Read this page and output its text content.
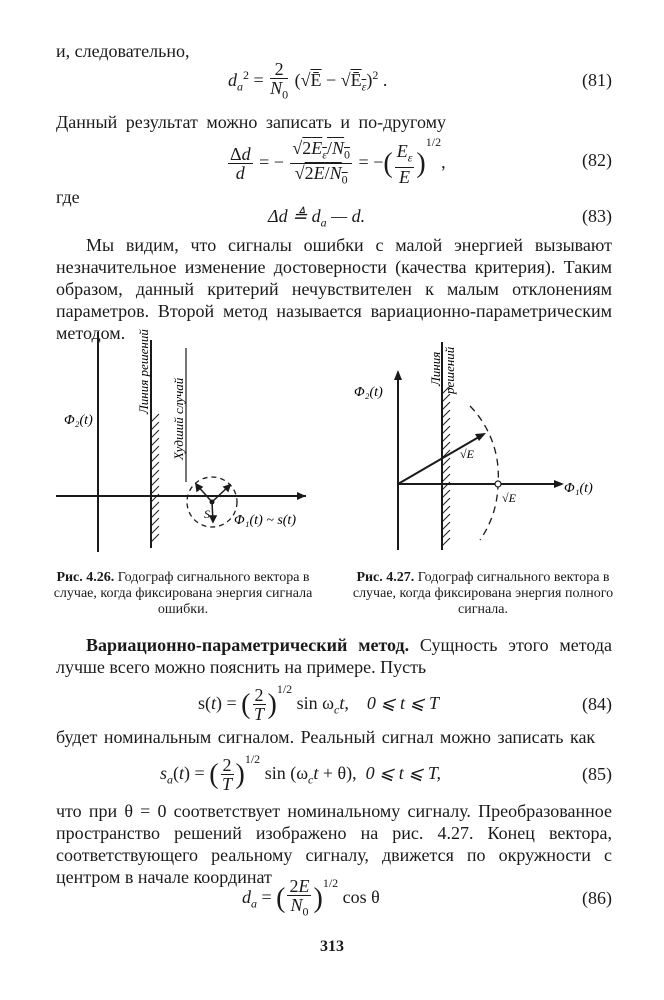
и, следовательно,
$d_a^2 = \frac{2}{N_0}$ (√Ē − $√Ē_\varepsilon)^2$ .	(81)
Данный результат можно записать и по-другому
$\frac{\Delta d}{d}$ = − $\frac{√2E_\varepsilon/N_0}{√2E/N_0}$ = −( $\frac{E_\varepsilon}{E} )^{1/2}$,	(82)
где
Δd ≜ $d_a$ — d.	(83)
Мы видим, что сигналы ошибки с малой энергией вызывают незначительное изменение достоверности (качества критерия). Таким образом, данный критерий нечувствителен к малым отклонениям параметров. Второй метод называется вариационно-параметрическим методом.
Φ₂(t)
Φ₁(t) ~ s(t)
S
Линия решений
Худший случай
Рис. 4.26. Годограф сигнального вектора в случае, когда фиксирована энергия сигнала ошибки.
Φ₂(t)
Φ₁(t)
√E
√E
Линия решений
Рис. 4.27. Годограф сигнального вектора в случае, когда фиксирована энергия полного сигнала.
Вариационно-параметрический метод. Сущность этого метода лучше всего можно пояснить на примере. Пусть
s(t) = ( $\frac{2}{T} )^{1/2}$ $\sin \omega_ct$,    0 ⩽ t ⩽ T	(84)
будет номинальным сигналом. Реальный сигнал можно записать как
$s_a(t)$ = ( $\frac{2}{T} )^{1/2}$ $\sin (\omega_ct + \theta)$,  0 ⩽ t ⩽ T,	(85)
что при θ = 0 соответствует номинальному сигналу. Преобразованное пространство решений изображено на рис. 4.27. Конец вектора, соответствующего реальному сигналу, движется по окружности с центром в начале координат
$d_a$ = ( $\frac{2E}{N_0} )^{1/2}$ cos θ	(86)
313
